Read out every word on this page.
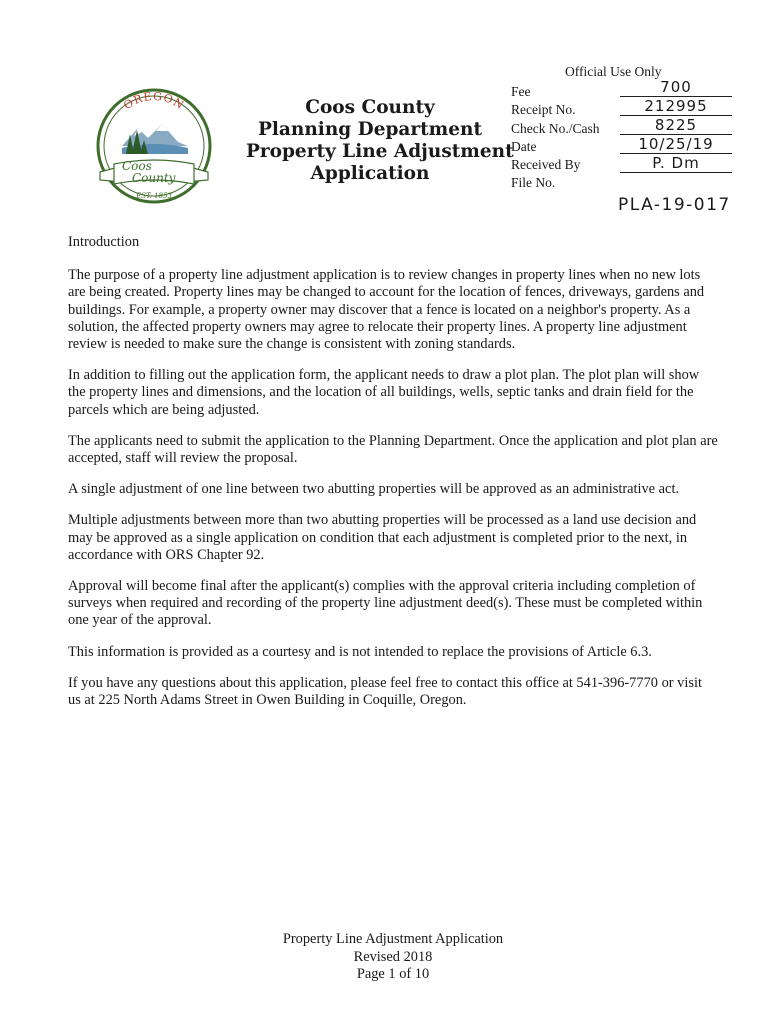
OREGON
Coos
County
EST. 1853
Coos County
Planning Department
Property Line Adjustment
Application
Official Use Only
Fee
Receipt No.
Check No./Cash
Date
Received By
File No.
700
212995
8225
10/25/19
P. Dm
PLA-19-017
Introduction

The purpose of a property line adjustment application is to review changes in property lines when no new lots are being created. Property lines may be changed to account for the location of fences, driveways, gardens and buildings. For example, a property owner may discover that a fence is located on a neighbor's property. As a solution, the affected property owners may agree to relocate their property lines. A property line adjustment review is needed to make sure the change is consistent with zoning standards.

In addition to filling out the application form, the applicant needs to draw a plot plan. The plot plan will show the property lines and dimensions, and the location of all buildings, wells, septic tanks and drain field for the parcels which are being adjusted.

The applicants need to submit the application to the Planning Department. Once the application and plot plan are accepted, staff will review the proposal.

A single adjustment of one line between two abutting properties will be approved as an administrative act.

Multiple adjustments between more than two abutting properties will be processed as a land use decision and may be approved as a single application on condition that each adjustment is completed prior to the next, in accordance with ORS Chapter 92.

Approval will become final after the applicant(s) complies with the approval criteria including completion of surveys when required and recording of the property line adjustment deed(s). These must be completed within one year of the approval.

This information is provided as a courtesy and is not intended to replace the provisions of Article 6.3.

If you have any questions about this application, please feel free to contact this office at 541-396-7770 or visit us at 225 North Adams Street in Owen Building in Coquille, Oregon.

Property Line Adjustment Application
Revised 2018
Page 1 of 10
